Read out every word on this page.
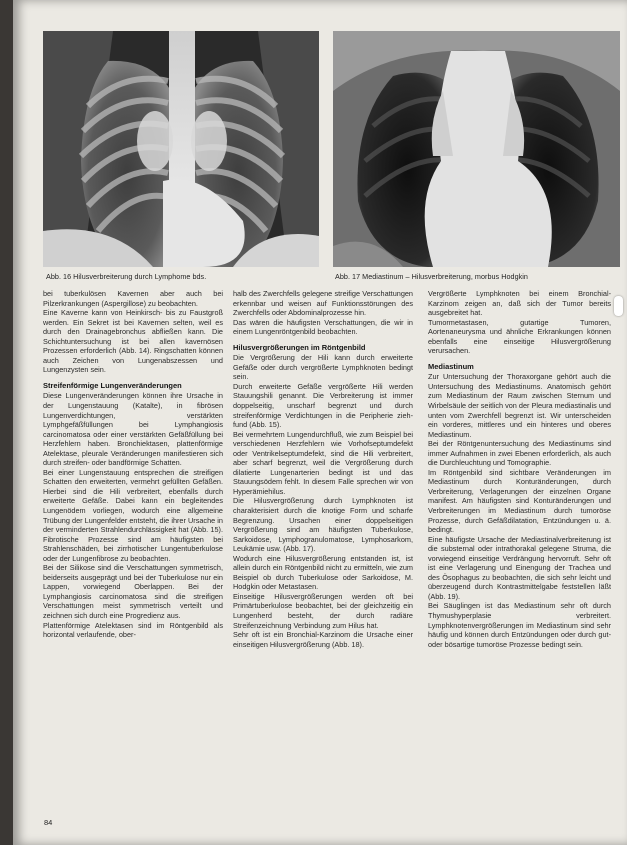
Abb. 16 Hilusverbreiterung durch Lymphome bds.	Abb. 17 Mediastinum – Hilusverbreiterung, morbus Hodgkin

bei tuberkulösen Kavernen aber auch bei Pilzerkrankungen (Aspergillose) zu beobachten.

Eine Kaverne kann von Heinkirsch- bis zu Faustgroß werden. Ein Sekret ist bei Kavernen selten, weil es durch den Drainagebronchus abfließen kann. Die Schichtuntersuchung ist bei allen kavernösen Prozessen erforderlich (Abb. 14). Ringschatten können auch Zeichen von Lungenabszessen und Lungenzysten sein.

Streifenförmige Lungenveränderungen

Diese Lungenveränderungen können ihre Ursache in der Lungenstauung (Katalte), in fibrösen Lungenverdichtungen, verstärkten Lymphgefäßfüllungen bei Lymphangiosis carcinomatosa oder einer verstärkten Gefäßfüllung bei Herzfehlern haben. Bronchiektasen, plattenförmige Atelektase, pleurale Veränderungen manifestieren sich durch streifen- oder bandförmige Schatten.

Bei einer Lungenstauung entsprechen die streifigen Schatten den erweiterten, vermehrt gefüllten Gefäßen. Hierbei sind die Hili verbreitert, ebenfalls durch erweiterte Gefäße. Dabei kann ein begleitendes Lungenödem vorliegen, wodurch eine allgemeine Trübung der Lungenfelder entsteht, die ihrer Ursache in der verminderten Strahlendurchlässigkeit hat (Abb. 15). Fibrotische Prozesse sind am häufigsten bei Strahlenschäden, bei zirrhotischer Lungentuberkulose oder der Lungenfibrose zu beobachten.

Bei der Silikose sind die Verschattungen symmetrisch, beiderseits ausgeprägt und bei der Tuberkulose nur ein Lappen, vorwiegend Oberlappen. Bei der Lymphangiosis carcinomatosa sind die streifigen Verschattungen meist symmetrisch verteilt und zeichnen sich durch eine Progredienz aus.

Plattenförmige Atelektasen sind im Röntgenbild als horizontal verlaufende, ober-

halb des Zwerchfells gelegene streifige Verschattungen erkennbar und weisen auf Funktionsstörungen des Zwerchfells oder Abdominalprozesse hin.

Das wären die häufigsten Verschattungen, die wir in einem Lungenröntgenbild beobachten.

Hilusvergrößerungen im Röntgenbild

Die Vergrößerung der Hili kann durch erweiterte Gefäße oder durch vergrößerte Lymphknoten bedingt sein.

Durch erweiterte Gefäße vergrößerte Hili werden Stauungshili genannt. Die Verbreiterung ist immer doppelseitig, unscharf begrenzt und durch streifenförmige Verdichtungen in die Peripherie zieh-fund (Abb. 15).

Bei vermehrtem Lungendurchfluß, wie zum Beispiel bei verschiedenen Herzfehlern wie Vorhofseptumdefekt oder Ventrikelseptumdefekt, sind die Hili verbreitert, aber scharf begrenzt, weil die Vergrößerung durch dilatierte Lungenarterien bedingt ist und das Stauungsödem fehlt. In diesem Falle sprechen wir von Hyperämiehilus.

Die Hilusvergrößerung durch Lymphknoten ist charakterisiert durch die knotige Form und scharfe Begrenzung. Ursachen einer doppelseitigen Vergrößerung sind am häufigsten Tuberkulose, Sarkoidose, Lymphogranulomatose, Lymphosarkom, Leukämie usw. (Abb. 17).

Wodurch eine Hilusvergrößerung entstanden ist, ist allein durch ein Röntgenbild nicht zu ermitteln, wie zum Beispiel ob durch Tuberkulose oder Sarkoidose, M. Hodgkin oder Metastasen.

Einseitige Hilusvergrößerungen werden oft bei Primärtuberkulose beobachtet, bei der gleichzeitig ein Lungenherd besteht, der durch radiäre Streifenzeichnung Verbindung zum Hilus hat.

Sehr oft ist ein Bronchial-Karzinom die Ursache einer einseitigen Hilusvergrößerung (Abb. 18).

Vergrößerte Lymphknoten bei einem Bronchial-Karzinom zeigen an, daß sich der Tumor bereits ausgebreitet hat.

Tumormetastasen, gutartige Tumoren, Aortenaneurysma und ähnliche Erkrankungen können ebenfalls eine einseitige Hilusvergrößerung verursachen.

Mediastinum

Zur Untersuchung der Thoraxorgane gehört auch die Untersuchung des Mediastinums. Anatomisch gehört zum Mediastinum der Raum zwischen Sternum und Wirbelsäule der seitlich von der Pleura mediastinalis und unten vom Zwerchfell begrenzt ist. Wir unterscheiden ein vorderes, mittleres und ein hinteres und oberes Mediastinum.

Bei der Röntgenuntersuchung des Mediastinums sind immer Aufnahmen in zwei Ebenen erforderlich, als auch die Durchleuchtung und Tomographie.

Im Röntgenbild sind sichtbare Veränderungen im Mediastinum durch Konturänderungen, durch Verbreiterung, Verlagerungen der einzelnen Organe manifest. Am häufigsten sind Konturänderungen und Verbreiterungen im Mediastinum durch tumoröse Prozesse, durch Gefäßdilatation, Entzündungen u. ä. bedingt.

Eine häufigste Ursache der Mediastinalverbreiterung ist die substernal oder intrathorakal gelegene Struma, die vorwiegend einseitige Verdrängung hervorruft. Sehr oft ist eine Verlagerung und Einengung der Trachea und des Ösophagus zu beobachten, die sich sehr leicht und überzeugend durch Kontrastmittelgabe feststellen läßt (Abb. 19).

Bei Säuglingen ist das Mediastinum sehr oft durch Thymushyperplasie verbreitert. Lymphknotenvergrößerungen im Mediastinum sind sehr häufig und können durch Entzündungen oder durch gut- oder bösartige tumoröse Prozesse bedingt sein.

84
